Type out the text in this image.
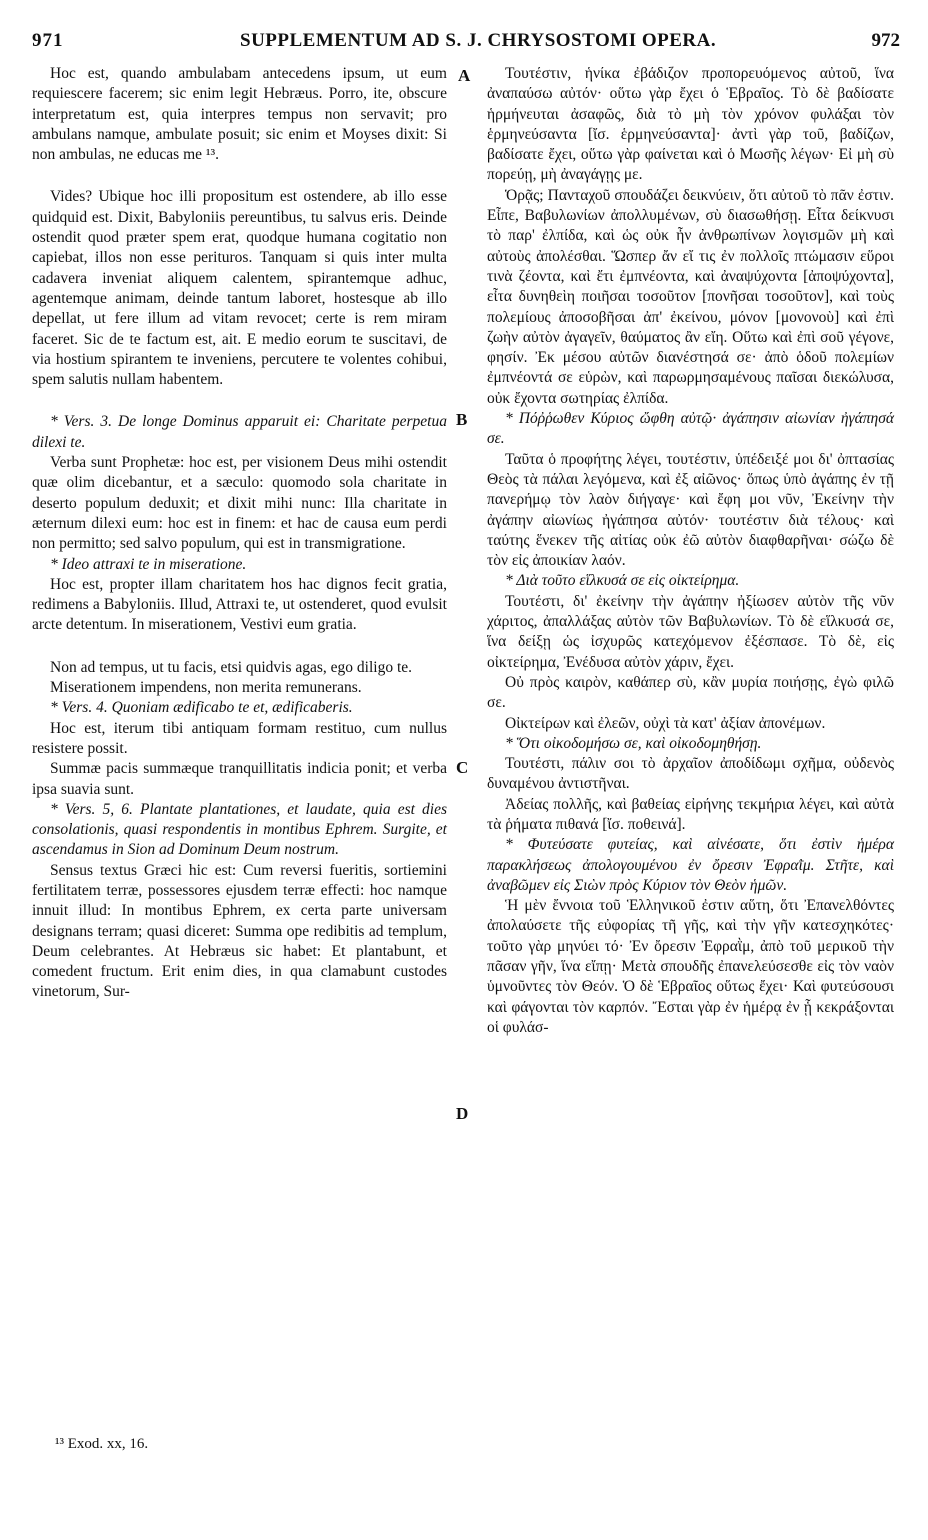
971	SUPPLEMENTUM AD S. J. CHRYSOSTOMI OPERA.	972

Hoc est, quando ambulabam antecedens ipsum, ut eum requiescere facerem; sic enim legit Hebræus. Porro, ite, obscure interpretatum est, quia interpres tempus non servavit; pro ambulans namque, ambulate posuit; sic enim et Moyses dixit: Si non ambulas, ne educas me ¹³.

Vides? Ubique hoc illi propositum est ostendere, ab illo esse quidquid est. Dixit, Babyloniis pereuntibus, tu salvus eris. Deinde ostendit quod præter spem erat, quodque humana cogitatio non capiebat, illos non esse perituros. Tanquam si quis inter multa cadavera inveniat aliquem calentem, spirantemque adhuc, agentemque animam, deinde tantum laboret, hostesque ab illo depellat, ut fere illum ad vitam revocet; certe is rem miram faceret. Sic de te factum est, ait. E medio eorum te suscitavi, de via hostium spirantem te inveniens, percutere te volentes cohibui, spem salutis nullam habentem.

* Vers. 3. De longe Dominus apparuit ei: Charitate perpetua dilexi te.

Verba sunt Prophetæ: hoc est, per visionem Deus mihi ostendit quæ olim dicebantur, et a sæculo: quomodo sola charitate in deserto populum deduxit; et dixit mihi nunc: Illa charitate in æternum dilexi eum: hoc est in finem: et hac de causa eum perdi non permitto; sed salvo populum, qui est in transmigratione.

* Ideo attraxi te in miseratione.

Hoc est, propter illam charitatem hos hac dignos fecit gratia, redimens a Babyloniis. Illud, Attraxi te, ut ostenderet, quod evulsit arcte detentum. In miserationem, Vestivi eum gratia.

Non ad tempus, ut tu facis, etsi quidvis agas, ego diligo te.

Miserationem impendens, non merita remunerans.

* Vers. 4. Quoniam ædificabo te et, ædificaberis.

Hoc est, iterum tibi antiquam formam restituo, cum nullus resistere possit.

Summæ pacis summæque tranquillitatis indicia ponit; et verba ipsa suavia sunt.

* Vers. 5, 6. Plantate plantationes, et laudate, quia est dies consolationis, quasi respondentis in montibus Ephrem. Surgite, et ascendamus in Sion ad Dominum Deum nostrum.

Sensus textus Græci hic est: Cum reversi fueritis, sortiemini fertilitatem terræ, possessores ejusdem terræ effecti: hoc namque innuit illud: In montibus Ephrem, ex certa parte universam designans terram; quasi diceret: Summa ope redibitis ad templum, Deum celebrantes. At Hebræus sic habet: Et plantabunt, et comedent fructum. Erit enim dies, in qua clamabunt custodes vinetorum, Sur-

A
B
C
D

Τουτέστιν, ἡνίκα ἐβάδιζον προπορευόμενος αὐτοῦ, ἵνα ἀναπαύσω αὐτόν· οὕτω γὰρ ἔχει ὁ Ἑβραῖος. Τὸ δὲ βαδίσατε ἡρμήνευται ἀσαφῶς, διὰ τὸ μὴ τὸν χρόνον φυλάξαι τὸν ἑρμηνεύσαντα [ἴσ. ἑρμηνεύσαντα]· ἀντὶ γὰρ τοῦ, βαδίζων, βαδίσατε ἔχει, οὕτω γὰρ φαίνεται καὶ ὁ Μωσῆς λέγων· Εἰ μὴ σὺ πορεύῃ, μὴ ἀναγάγῃς με.

Ὁρᾷς; Πανταχοῦ σπουδάζει δεικνύειν, ὅτι αὐτοῦ τὸ πᾶν ἐστιν. Εἶπε, Βαβυλωνίων ἀπολλυμένων, σὺ διασωθήσῃ. Εἶτα δείκνυσι τὸ παρ' ἐλπίδα, καὶ ὡς οὐκ ἦν ἀνθρωπίνων λογισμῶν μὴ καὶ αὐτοὺς ἀπολέσθαι. Ὥσπερ ἄν εἴ τις ἐν πολλοῖς πτώμασιν εὕροι τινὰ ζέοντα, καὶ ἔτι ἐμπνέοντα, καὶ ἀναψύχοντα [ἀποψύχοντα], εἶτα δυνηθεὶη ποιῆσαι τοσοῦτον [πονῆσαι τοσοῦτον], καὶ τοὺς πολεμίους ἀποσοβῆσαι ἀπ' ἐκείνου, μόνον [μονονοὺ] καὶ ἐπὶ ζωὴν αὐτὸν ἀγαγεῖν, θαύματος ἂν εἴη. Οὕτω καὶ ἐπὶ σοῦ γέγονε, φησίν. Ἐκ μέσου αὐτῶν διανέστησά σε· ἀπὸ ὁδοῦ πολεμίων ἐμπνέοντά σε εὑρὼν, καὶ παρωρμησαμένους παῖσαι διεκώλυσα, οὐκ ἔχοντα σωτηρίας ἐλπίδα.

* Πόῤῥωθεν Κύριος ὤφθη αὐτῷ· ἀγάπησιν αἰωνίαν ἠγάπησά σε.

Ταῦτα ὁ προφήτης λέγει, τουτέστιν, ὑπέδειξέ μοι δι' ὀπτασίας Θεὸς τὰ πάλαι λεγόμενα, καὶ ἐξ αἰῶνος· ὅπως ὑπὸ ἀγάπης ἐν τῇ πανερήμῳ τὸν λαὸν διήγαγε· καὶ ἔφη μοι νῦν, Ἐκείνην τὴν ἀγάπην αἰωνίως ἠγάπησα αὐτόν· τουτέστιν διὰ τέλους· καὶ ταύτης ἕνεκεν τῆς αἰτίας οὐκ ἐῶ αὐτὸν διαφθαρῆναι· σώζω δὲ τὸν εἰς ἀποικίαν λαόν.

* Διὰ τοῦτο εἵλκυσά σε εἰς οἰκτείρημα.

Τουτέστι, δι' ἐκείνην τὴν ἀγάπην ἠξίωσεν αὐτὸν τῆς νῦν χάριτος, ἀπαλλάξας αὐτὸν τῶν Βαβυλωνίων. Τὸ δὲ εἵλκυσά σε, ἵνα δείξῃ ὡς ἰσχυρῶς κατεχόμενον ἐξέσπασε. Τὸ δὲ, εἰς οἰκτείρημα, Ἐνέδυσα αὐτὸν χάριν, ἔχει.

Οὐ πρὸς καιρὸν, καθάπερ σὺ, κἂν μυρία ποιήσῃς, ἐγὼ φιλῶ σε.

Οἰκτείρων καὶ ἐλεῶν, οὐχὶ τὰ κατ' ἀξίαν ἀπονέμων.

* Ὅτι οἰκοδομήσω σε, καὶ οἰκοδομηθήσῃ.

Τουτέστι, πάλιν σοι τὸ ἀρχαῖον ἀποδίδωμι σχῆμα, οὐδενὸς δυναμένου ἀντιστῆναι.

Ἀδείας πολλῆς, καὶ βαθείας εἰρήνης τεκμήρια λέγει, καὶ αὐτὰ τὰ ῥήματα πιθανά [ἴσ. ποθεινά].

* Φυτεύσατε φυτείας, καὶ αἰνέσατε, ὅτι ἐστὶν ἡμέρα παρακλήσεως ἀπολογουμένου ἐν ὄρεσιν Ἐφραῒμ. Στῆτε, καὶ ἀναβῶμεν εἰς Σιὼν πρὸς Κύριον τὸν Θεὸν ἡμῶν.

Ἡ μὲν ἔννοια τοῦ Ἑλληνικοῦ ἐστιν αὕτη, ὅτι Ἐπανελθόντες ἀπολαύσετε τῆς εὐφορίας τῆ γῆς, καὶ τὴν γῆν κατεσχηκότες· τοῦτο γὰρ μηνύει τό· Ἐν ὄρεσιν Ἐφραῒμ, ἀπὸ τοῦ μερικοῦ τὴν πᾶσαν γῆν, ἵνα εἴπῃ· Μετὰ σπουδῆς ἐπανελεύσεσθε εἰς τὸν ναὸν ὑμνοῦντες τὸν Θεόν. Ὁ δὲ Ἑβραῖος οὕτως ἔχει· Καὶ φυτεύσουσι καὶ φάγονται τὸν καρπόν. Ἔσται γὰρ ἐν ἡμέρᾳ ἐν ᾗ κεκράξονται οἱ φυλάσ-

¹³ Exod. xx, 16.
